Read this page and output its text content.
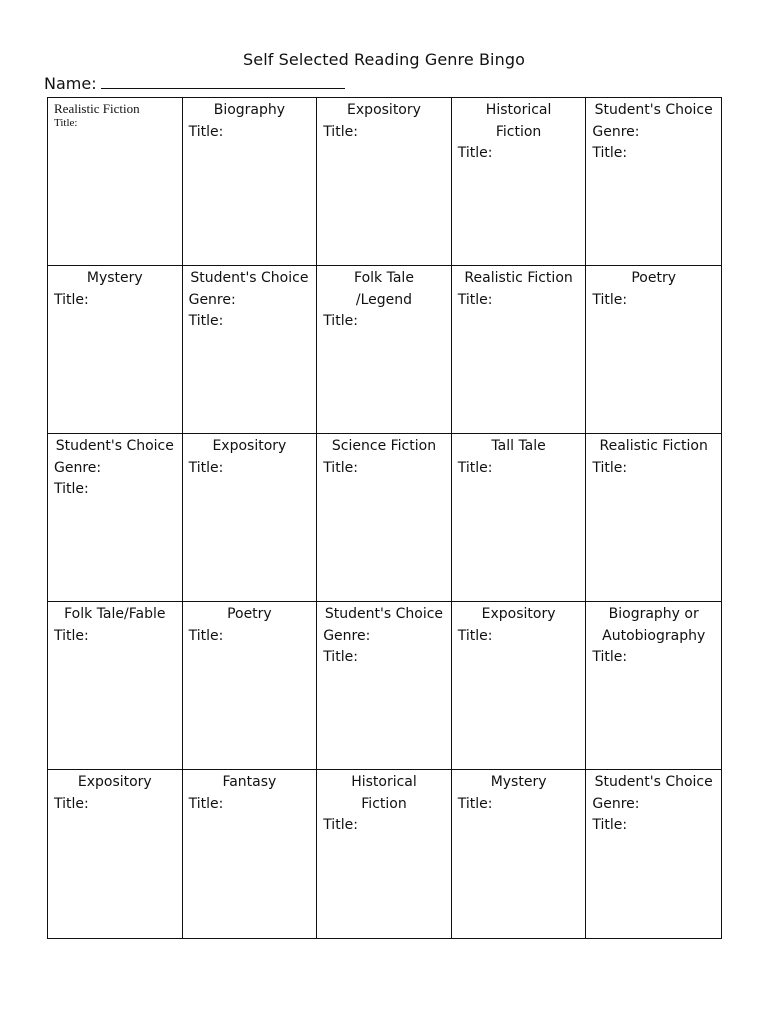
Self Selected Reading Genre Bingo
Name:
Realistic Fiction
Title:
Biography
Title:
Expository
Title:
Historical
Fiction
Title:
Student's Choice
Genre:
Title:
Mystery
Title:
Student's Choice
Genre:
Title:
Folk Tale
/Legend
Title:
Realistic Fiction
Title:
Poetry
Title:
Student's Choice
Genre:
Title:
Expository
Title:
Science Fiction
Title:
Tall Tale
Title:
Realistic Fiction
Title:
Folk Tale/Fable
Title:
Poetry
Title:
Student's Choice
Genre:
Title:
Expository
Title:
Biography or
Autobiography
Title:
Expository
Title:
Fantasy
Title:
Historical
Fiction
Title:
Mystery
Title:
Student's Choice
Genre:
Title:
